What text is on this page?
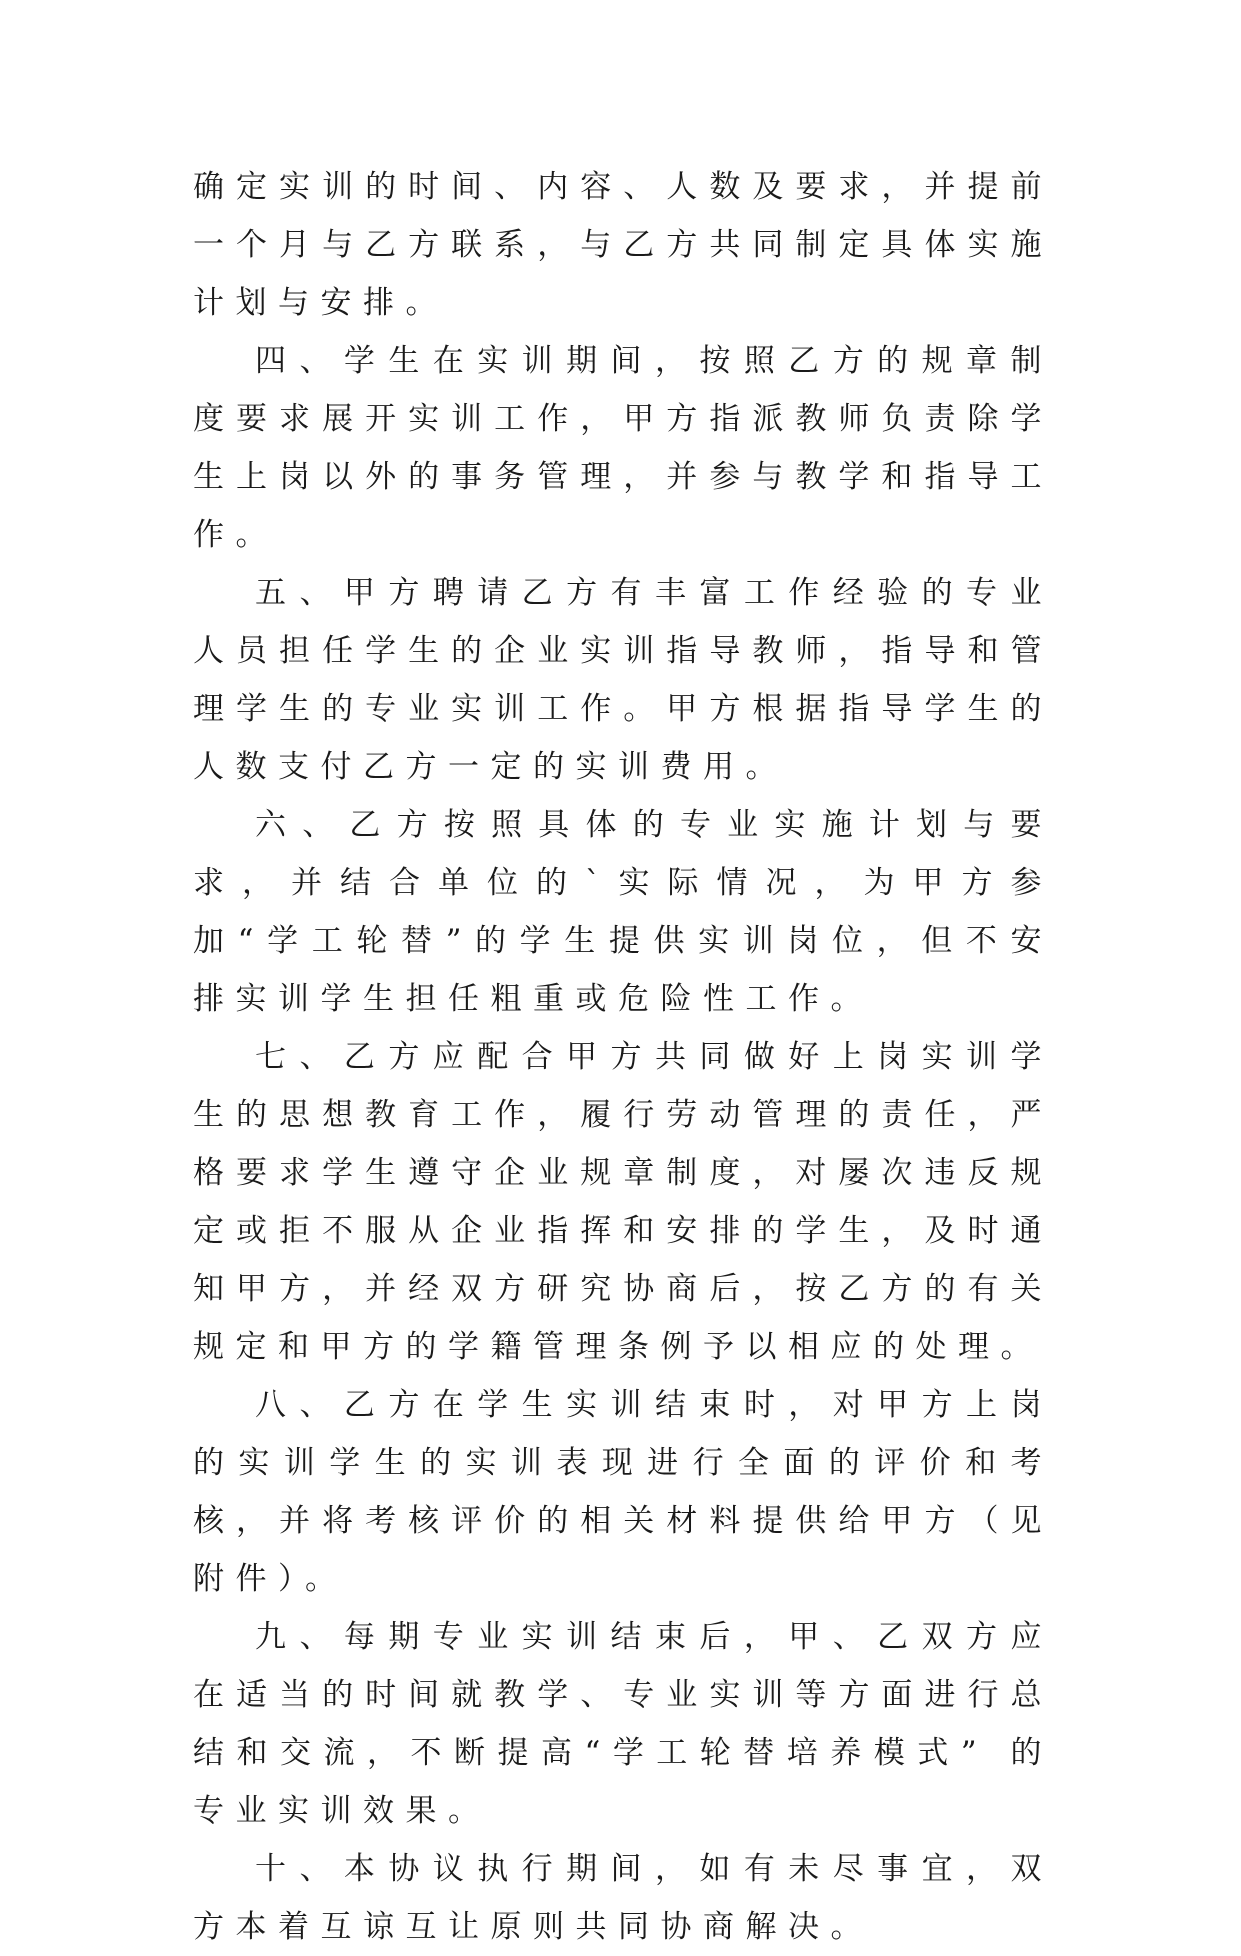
确定实训的时间、内容、人数及要求，并提前一个月与乙方联系，与乙方共同制定具体实施计划与安排。

四、学生在实训期间，按照乙方的规章制度要求展开实训工作，甲方指派教师负责除学生上岗以外的事务管理，并参与教学和指导工作。

五、甲方聘请乙方有丰富工作经验的专业人员担任学生的企业实训指导教师，指导和管理学生的专业实训工作。甲方根据指导学生的人数支付乙方一定的实训费用。

六、乙方按照具体的专业实施计划与要求，并结合单位的`实际情况，为甲方参加“学工轮替”的学生提供实训岗位，但不安排实训学生担任粗重或危险性工作。

七、乙方应配合甲方共同做好上岗实训学生的思想教育工作，履行劳动管理的责任，严格要求学生遵守企业规章制度，对屡次违反规定或拒不服从企业指挥和安排的学生，及时通知甲方，并经双方研究协商后，按乙方的有关规定和甲方的学籍管理条例予以相应的处理。

八、乙方在学生实训结束时，对甲方上岗的实训学生的实训表现进行全面的评价和考核，并将考核评价的相关材料提供给甲方（见附件）。

九、每期专业实训结束后，甲、乙双方应在适当的时间就教学、专业实训等方面进行总结和交流，不断提高“学工轮替培养模式” 的专业实训效果。

十、本协议执行期间，如有未尽事宜，双方本着互谅互让原则共同协商解决。
